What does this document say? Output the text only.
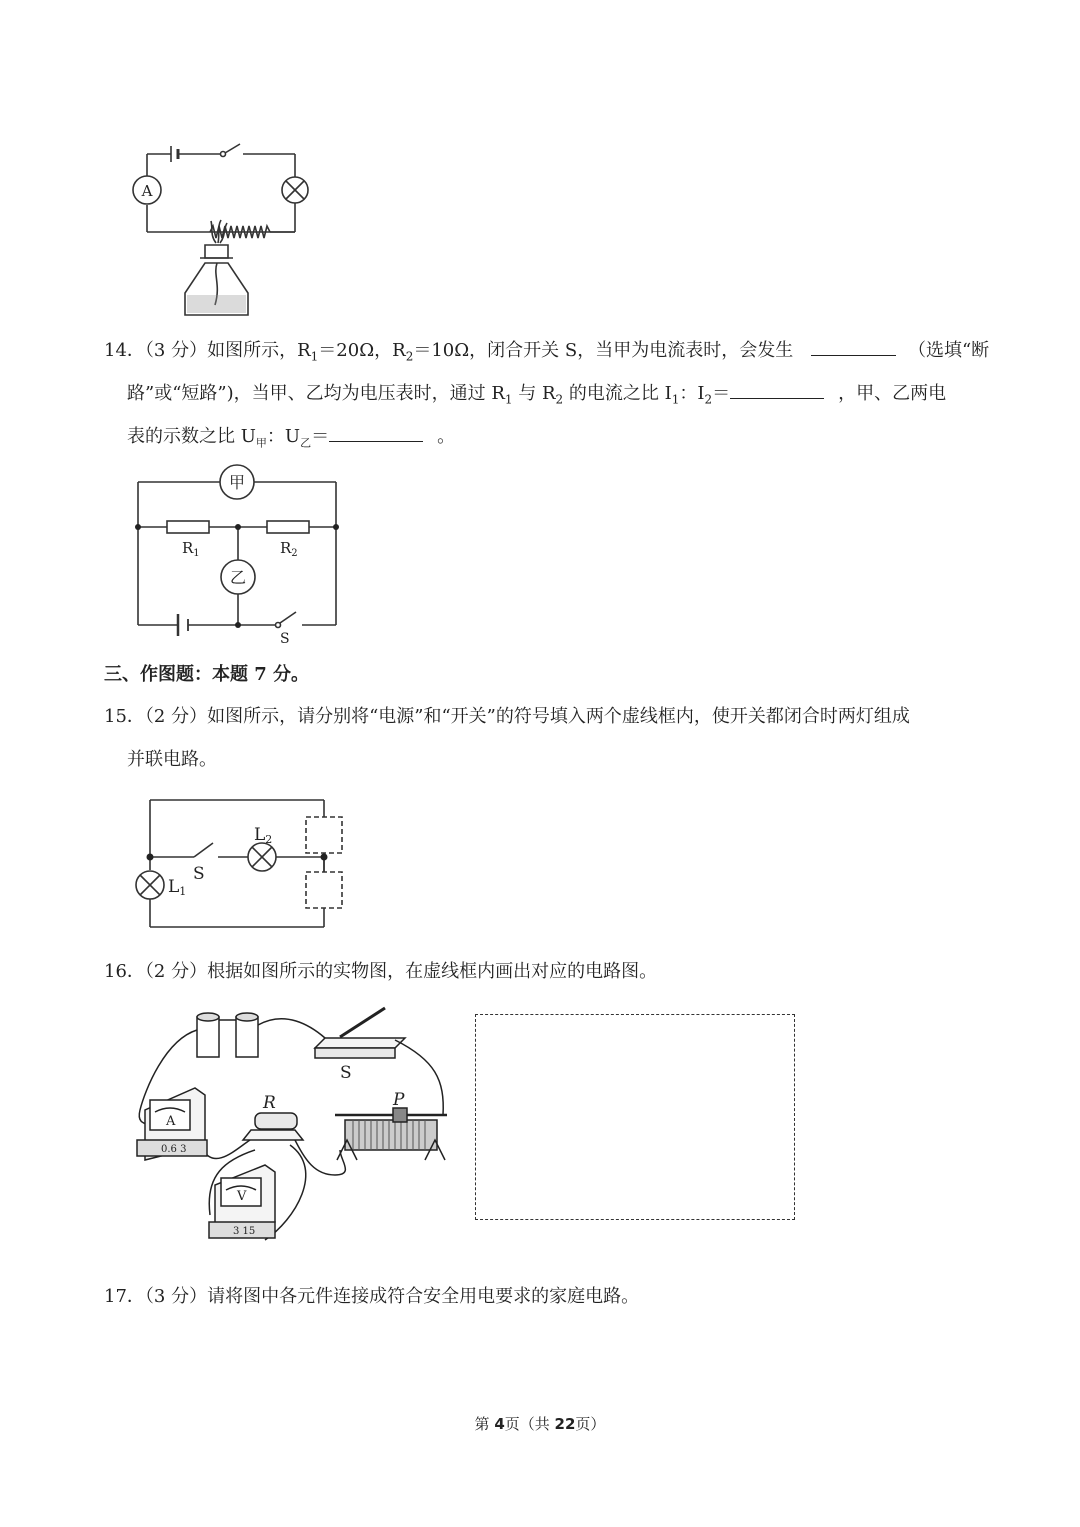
A
14．（3 分）如图所示，$R_1=20\Omega$，$R_2=10\Omega$，闭合开关 S，当甲为电流表时，会发生	（选填“断
路”或“短路”)，当甲、乙均为电压表时，通过 $R_1$ 与 $R_2$ 的电流之比 $I_1$：$I_2=$	，甲、乙两电
表的示数之比 $U_甲$：$U_乙=$	。
甲
乙
$R_1$	$R_2$
S
三、作图题：本题 7 分。
15．（2 分）如图所示，请分别将“电源”和“开关”的符号填入两个虚线框内，使开关都闭合时两灯组成
并联电路。
L2
L1
S
16．（2 分）根据如图所示的实物图，在虚线框内画出对应的电路图。
S
R	P
A
0.6 3
V
3 15
17．（3 分）请将图中各元件连接成符合安全用电要求的家庭电路。
第 4页（共 22页）
